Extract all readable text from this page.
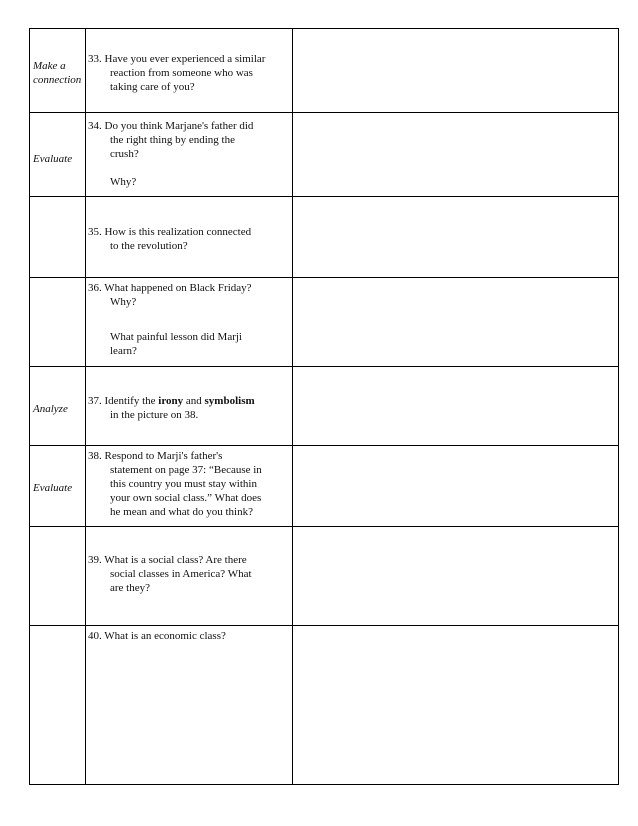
Make a connection
33. Have you ever experienced a similar
reaction from someone who was
taking care of you?
Evaluate
34. Do you think Marjane's father did
the right thing by ending the
crush?
Why?
35. How is this realization connected
to the revolution?
36. What happened on Black Friday?
Why?
What painful lesson did Marji
learn?
Analyze
37. Identify the irony and symbolism
in the picture on 38.
Evaluate
38. Respond to Marji's father's
statement on page 37: “Because in
this country you must stay within
your own social class.” What does
he mean and what do you think?
39. What is a social class? Are there
social classes in America? What
are they?
40. What is an economic class?
